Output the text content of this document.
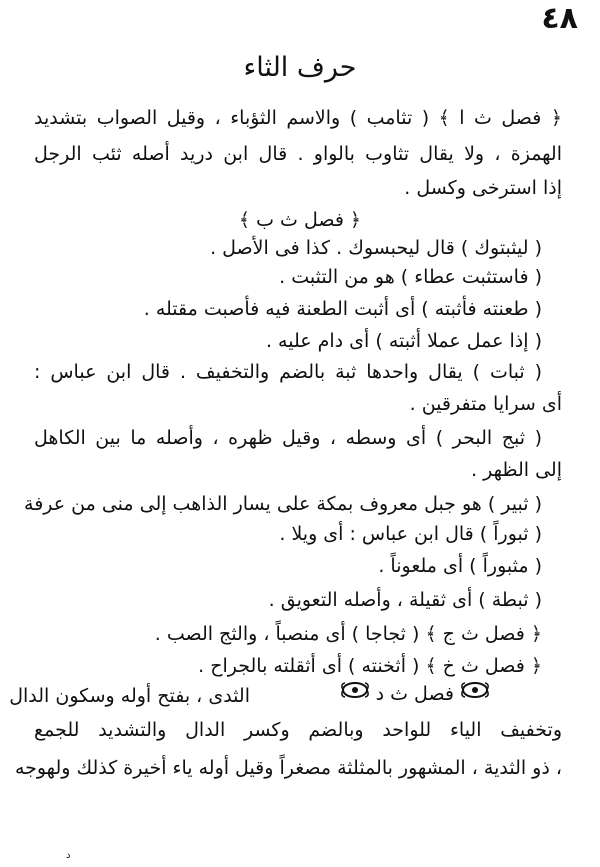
٤٨
حرف الثاء
﴿ فصل ث ا ﴾ ( تثامب ) والاسم الثؤباء ، وقيل الصواب بتشديد
الهمزة ، ولا يقال تثاوب بالواو . قال ابن دريد أصله ثئب الرجل
إذا استرخى وكسل .
﴿ فصل ث ب ﴾
( ليثبتوك ) قال ليحبسوك . كذا فى الأصل .
( فاستثبت عطاء ) هو من التثبت .
( طعنته فأثبته ) أى أثبت الطعنة فيه فأصبت مقتله .
( إذا عمل عملا أثبته ) أى دام عليه .
( ثبات ) يقال واحدها ثبة بالضم والتخفيف . قال ابن عباس :
أى سرايا متفرقين .
( ثبج البحر ) أى وسطه ، وقيل ظهره ، وأصله ما بين الكاهل
إلى الظهر .
( ثبير ) هو جبل معروف بمكة على يسار الذاهب إلى منى من عرفة
( ثبوراً ) قال ابن عباس : أى ويلا .
( مثبوراً ) أى ملعوناً .
( ثبطة ) أى ثقيلة ، وأصله التعويق .
﴿ فصل ث ج ﴾ ( ثجاجا ) أى منصباً ، والثج الصب .
﴿ فصل ث خ ﴾ ( أثخنته ) أى أثقلته بالجراح .
فصل ث د
الثدى ، بفتح أوله وسكون الدال
وتخفيف الياء للواحد وبالضم وكسر الدال والتشديد للجمع
، ذو الثدية ، المشهور بالمثلثة مصغراً وقيل أوله ياء أخيرة كذلك ولهوجه
د
